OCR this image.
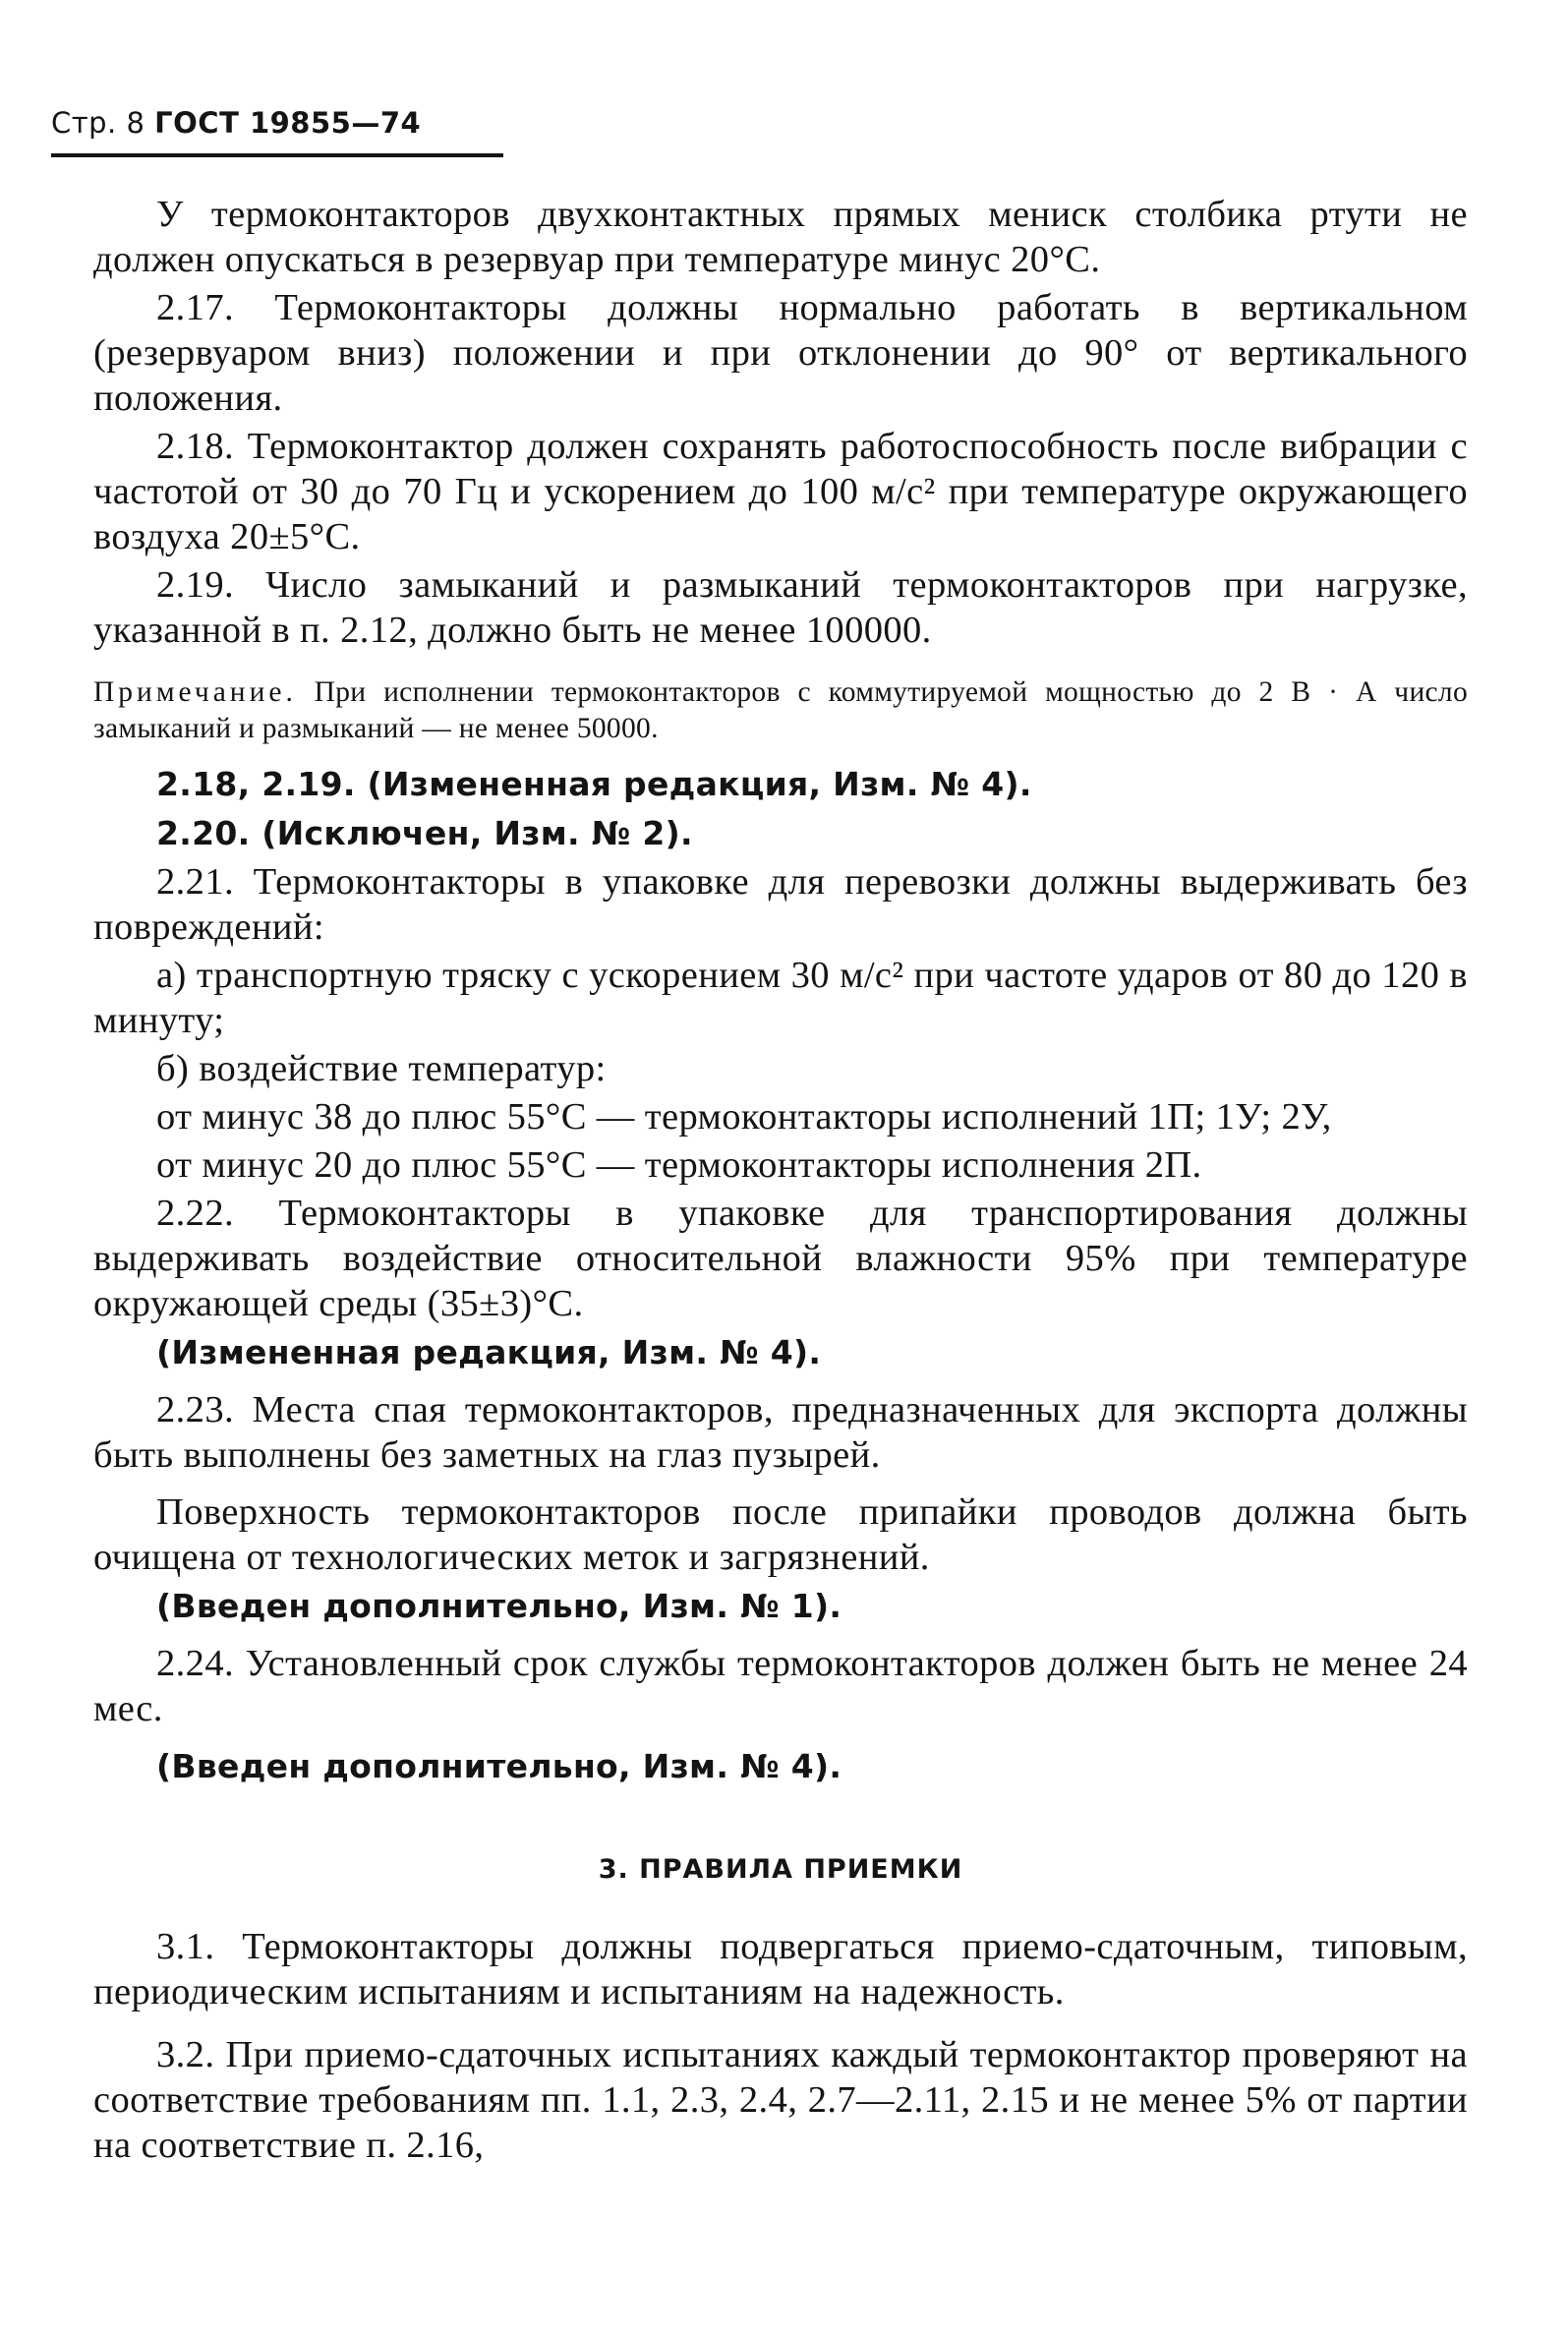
Стр. 8 ГОСТ 19855—74

У термоконтакторов двухконтактных прямых мениск столбика ртути не должен опускаться в резервуар при температуре минус 20°С.

2.17. Термоконтакторы должны нормально работать в вертикальном (резервуаром вниз) положении и при отклонении до 90° от вертикального положения.

2.18. Термоконтактор должен сохранять работоспособность после вибрации с частотой от 30 до 70 Гц и ускорением до 100 м/с² при температуре окружающего воздуха 20±5°С.

2.19. Число замыканий и размыканий термоконтакторов при нагрузке, указанной в п. 2.12, должно быть не менее 100000.

Примечание. При исполнении термоконтакторов с коммутируемой мощностью до 2 В · А число замыканий и размыканий — не менее 50000.

2.18, 2.19. (Измененная редакция, Изм. № 4).

2.20. (Исключен, Изм. № 2).

2.21. Термоконтакторы в упаковке для перевозки должны выдерживать без повреждений:

а) транспортную тряску с ускорением 30 м/с² при частоте ударов от 80 до 120 в минуту;

б) воздействие температур:

от минус 38 до плюс 55°С — термоконтакторы исполнений 1П; 1У; 2У,

от минус 20 до плюс 55°С — термоконтакторы исполнения 2П.

2.22. Термоконтакторы в упаковке для транспортирования должны выдерживать воздействие относительной влажности 95% при температуре окружающей среды (35±3)°С.

(Измененная редакция, Изм. № 4).

2.23. Места спая термоконтакторов, предназначенных для экспорта должны быть выполнены без заметных на глаз пузырей.

Поверхность термоконтакторов после припайки проводов должна быть очищена от технологических меток и загрязнений.

(Введен дополнительно, Изм. № 1).

2.24. Установленный срок службы термоконтакторов должен быть не менее 24 мес.

(Введен дополнительно, Изм. № 4).

3. ПРАВИЛА ПРИЕМКИ

3.1. Термоконтакторы должны подвергаться приемо-сдаточным, типовым, периодическим испытаниям и испытаниям на надежность.

3.2. При приемо-сдаточных испытаниях каждый термоконтактор проверяют на соответствие требованиям пп. 1.1, 2.3, 2.4, 2.7—2.11, 2.15 и не менее 5% от партии на соответствие п. 2.16,
